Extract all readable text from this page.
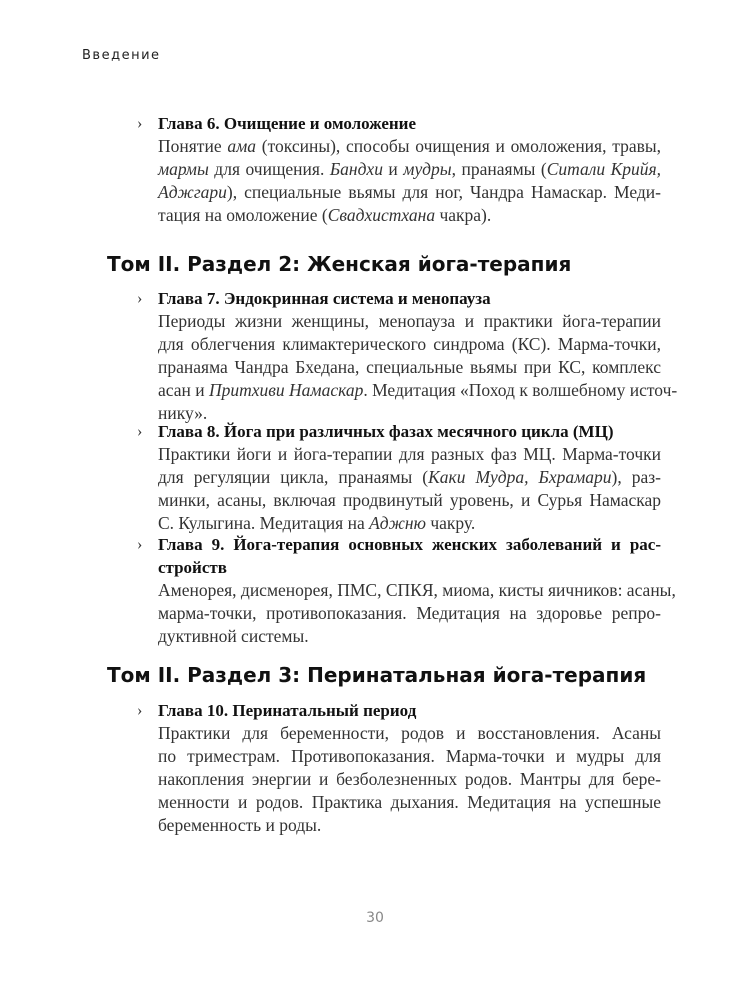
Введение
› Глава 6. Очищение и омоложение
Понятие ама (токсины), способы очищения и омоложения, травы,
мармы для очищения. Бандхи и мудры, пранаямы (Ситали Крийя,
Аджгари), специальные вьямы для ног, Чандра Намаскар. Меди-
тация на омоложение (Свадхистхана чакра).
Том II. Раздел 2: Женская йога-терапия
› Глава 7. Эндокринная система и менопауза
Периоды жизни женщины, менопауза и практики йога-терапии
для облегчения климактерического синдрома (КС). Марма-точки,
пранаяма Чандра Бхедана, специальные вьямы при КС, комплекс
асан и Притхиви Намаскар. Медитация «Поход к волшебному источ-
нику».
› Глава 8. Йога при различных фазах месячного цикла (МЦ)
Практики йоги и йога-терапии для разных фаз МЦ. Марма-точки
для регуляции цикла, пранаямы (Каки Мудра, Бхрамари), раз-
минки, асаны, включая продвинутый уровень, и Сурья Намаскар
С. Кулыгина. Медитация на Аджню чакру.
› Глава 9. Йога-терапия основных женских заболеваний и рас-
стройств
Аменорея, дисменорея, ПМС, СПКЯ, миома, кисты яичников: асаны,
марма-точки, противопоказания. Медитация на здоровье репро-
дуктивной системы.
Том II. Раздел 3: Перинатальная йога-терапия
› Глава 10. Перинатальный период
Практики для беременности, родов и восстановления. Асаны
по триместрам. Противопоказания. Марма-точки и мудры для
накопления энергии и безболезненных родов. Мантры для бере-
менности и родов. Практика дыхания. Медитация на успешные
беременность и роды.
30
